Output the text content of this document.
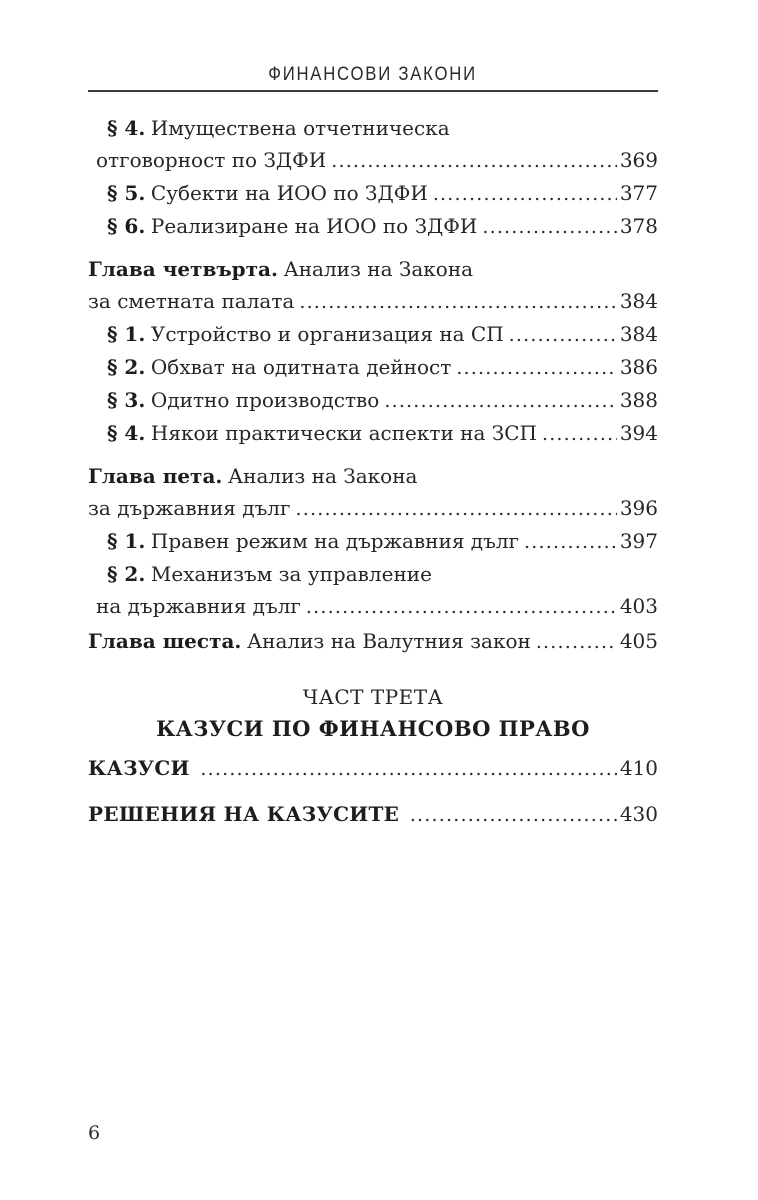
ФИНАНСОВИ ЗАКОНИ
§ 4. Имуществена отчетническа
отговорност по ЗДФИ .....	369
§ 5. Субекти на ИОО по ЗДФИ .....	377
§ 6. Реализиране на ИОО по ЗДФИ .....	378
Глава четвърта. Анализ на Закона
за сметната палата .....	384
§ 1. Устройство и организация на СП .....	384
§ 2. Обхват на одитната дейност .....	386
§ 3. Одитно производство .....	388
§ 4. Някои практически аспекти на ЗСП .....	394
Глава пета. Анализ на Закона
за държавния дълг .....	396
§ 1. Правен режим на държавния дълг .....	397
§ 2. Механизъм за управление
на държавния дълг .....	403
Глава шеста. Анализ на Валутния закон .....	405
ЧАСТ ТРЕТА
КАЗУСИ ПО ФИНАНСОВО ПРАВО
КАЗУСИ .....	410
РЕШЕНИЯ НА КАЗУСИТЕ .....	430
6
